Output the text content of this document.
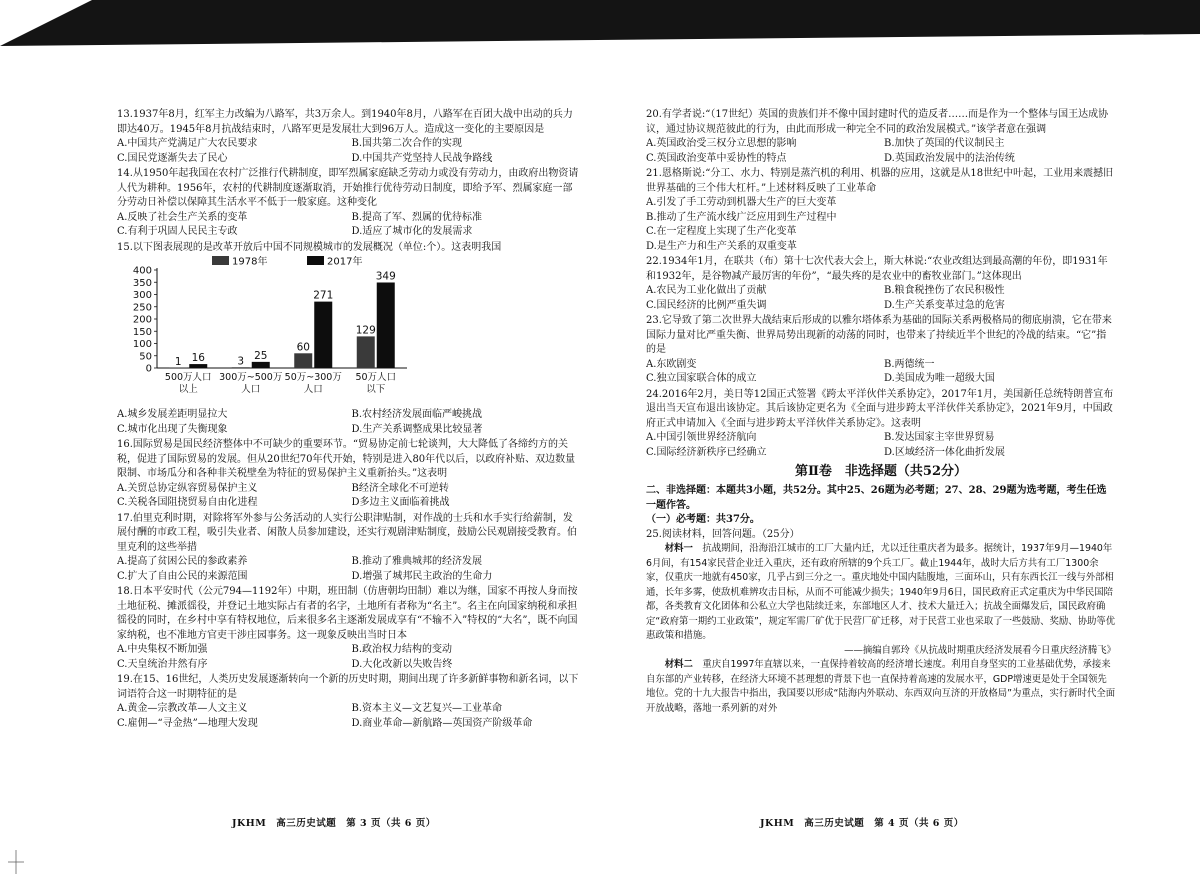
13.1937年8月，红军主力改编为八路军，共3万余人。到1940年8月，八路军在百团大战中出动的兵力即达40万。1945年8月抗战结束时，八路军更是发展壮大到96万人。造成这一变化的主要原因是

A.中国共产党满足广大农民要求	B.国共第二次合作的实现
C.国民党逐渐失去了民心	D.中国共产党坚持人民战争路线

14.从1950年起我国在农村广泛推行代耕制度，即军烈属家庭缺乏劳动力或没有劳动力，由政府出物资请人代为耕种。1956年，农村的代耕制度逐渐取消，开始推行优待劳动日制度，即给予军、烈属家庭一部分劳动日补偿以保障其生活水平不低于一般家庭。这种变化

A.反映了社会生产关系的变革	B.提高了军、烈属的优待标准
C.有利于巩固人民民主专政	D.适应了城市化的发展需求

15.以下图表展现的是改革开放后中国不同规模城市的发展概况（单位:个）。这表明我国

0
50
100
150
200
250
300
350
400
1978年	2017年
1 16
500万人口
以上
3 25
300万~500万
人口
60
271
50万~300万
人口
129
349
50万人口
以下
A.城乡发展差距明显拉大	B.农村经济发展面临严峻挑战
C.城市化出现了失衡现象	D.生产关系调整成果比较显著

16.国际贸易是国民经济整体中不可缺少的重要环节。“贸易协定前七轮谈判，大大降低了各缔约方的关税，促进了国际贸易的发展。但从20世纪70年代开始，特别是进入80年代以后，以政府补贴、双边数量限制、市场瓜分和各种非关税壁垒为特征的贸易保护主义重新抬头。”这表明

A.关贸总协定纵容贸易保护主义	B经济全球化不可逆转
C.关税各国阻挠贸易自由化进程	D多边主义面临着挑战

17.伯里克利时期，对除将军外参与公务活动的人实行公职津贴制，对作战的士兵和水手实行给薪制，发展付酬的市政工程，吸引失业者、闲散人员参加建设，还实行观剧津贴制度，鼓励公民观剧接受教育。伯里克利的这些举措

A.提高了贫困公民的参政素养	B.推动了雅典城邦的经济发展
C.扩大了自由公民的来源范围	D.增强了城邦民主政治的生命力

18.日本平安时代（公元794—1192年）中期，班田制（仿唐朝均田制）难以为继，国家不再按人身而按土地征税、摊派徭役，并登记土地实际占有者的名字，土地所有者称为“名主”。名主在向国家纳税和承担徭役的同时，在乡村中享有特权地位，后来很多名主逐渐发展成享有“不输不入”特权的“大名”，既不向国家纳税，也不准地方官吏干涉庄园事务。这一现象反映出当时日本

A.中央集权不断加强	B.政治权力结构的变动
C.天皇统治井然有序	D.大化改新以失败告终

19.在15、16世纪，人类历史发展逐渐转向一个新的历史时期，期间出现了许多新鲜事物和新名词，以下词语符合这一时期特征的是

A.黄金—宗教改革—人文主义	B.资本主义—文艺复兴—工业革命
C.雇佣—“寻金热”—地理大发现	D.商业革命—新航路—英国资产阶级革命

20.有学者说:“（17世纪）英国的贵族们并不像中国封建时代的造反者……而是作为一个整体与国王达成协议，通过协议规范彼此的行为，由此而形成一种完全不同的政治发展模式。”该学者意在强调

A.英国政治受三权分立思想的影响	B.加快了英国的代议制民主
C.英国政治变革中妥协性的特点	D.英国政治发展中的法治传统

21.恩格斯说:“分工、水力、特别是蒸汽机的利用、机器的应用，这就是从18世纪中叶起，工业用来震撼旧世界基础的三个伟大杠杆。”上述材料反映了工业革命

A.引发了手工劳动到机器大生产的巨大变革
B.推动了生产流水线广泛应用到生产过程中
C.在一定程度上实现了生产化变革
D.是生产力和生产关系的双重变革

22.1934年1月，在联共（布）第十七次代表大会上，斯大林说:“农业改组达到最高潮的年份，即1931年和1932年，是谷物减产最厉害的年份”，“最失疼的是农业中的畜牧业部门。”这体现出

A.农民为工业化做出了贡献	B.粮食税挫伤了农民积极性
C.国民经济的比例严重失调	D.生产关系变革过急的危害

23.它导致了第二次世界大战结束后形成的以雅尔塔体系为基础的国际关系两极格局的彻底崩溃，它在带来国际力量对比严重失衡、世界局势出现新的动荡的同时，也带来了持续近半个世纪的冷战的结束。“它”指的是

A.东欧剧变	B.两德统一
C.独立国家联合体的成立	D.美国成为唯一超级大国

24.2016年2月，美日等12国正式签署《跨太平洋伙伴关系协定》，2017年1月，美国新任总统特朗普宣布退出当天宣布退出该协定。其后该协定更名为《全面与进步跨太平洋伙伴关系协定》，2021年9月，中国政府正式申请加入《全面与进步跨太平洋伙伴关系协定》。这表明

A.中国引领世界经济航向	B.发达国家主宰世界贸易
C.国际经济新秩序已经确立	D.区域经济一体化曲折发展
第Ⅱ卷　非选择题（共52分）

二、非选择题：本题共3小题，共52分。其中25、26题为必考题；27、28、29题为选考题，考生任选一题作答。

（一）必考题：共37分。

25.阅读材料，回答问题。（25分）

材料一　 抗战期间，沿海沿江城市的工厂大量内迁，尤以迁往重庆者为最多。据统计，1937年9月—1940年6月间，有154家民营企业迁入重庆，还有政府所辖的9个兵工厂。截止1944年，战时大后方共有工厂1300余家，仅重庆一地就有450家，几乎占到三分之一。重庆地处中国内陆腹地，三面环山，只有东西长江一线与外部相通，长年多雾，使敌机难辨攻击目标，从而不可能减少损失；1940年9月6日，国民政府正式定重庆为中华民国陪都，各类教育文化团体和公私立大学也陆续迁来，东部地区人才、技术大量迁入；抗战全面爆发后，国民政府确定“政府第一期约工业政策”，规定军需厂矿优于民营厂矿迁移，对于民营工业也采取了一些鼓励、奖励、协助等优惠政策和措施。

——摘编自郭玲《从抗战时期重庆经济发展看今日重庆经济腾飞》

材料二　 重庆自1997年直辖以来，一直保持着较高的经济增长速度。利用自身坚实的工业基础优势，承接来自东部的产业转移，在经济大环境不甚理想的背景下也一直保持着高速的发展水平，GDP增速更是处于全国领先地位。党的十九大报告中指出，我国要以形成“陆海内外联动、东西双向互济的开放格局”为重点，实行新时代全面开放战略，落地一系列新的对外

JKHM　高三历史试题　第 3 页（共 6 页）	JKHM　高三历史试题　第 4 页（共 6 页）
